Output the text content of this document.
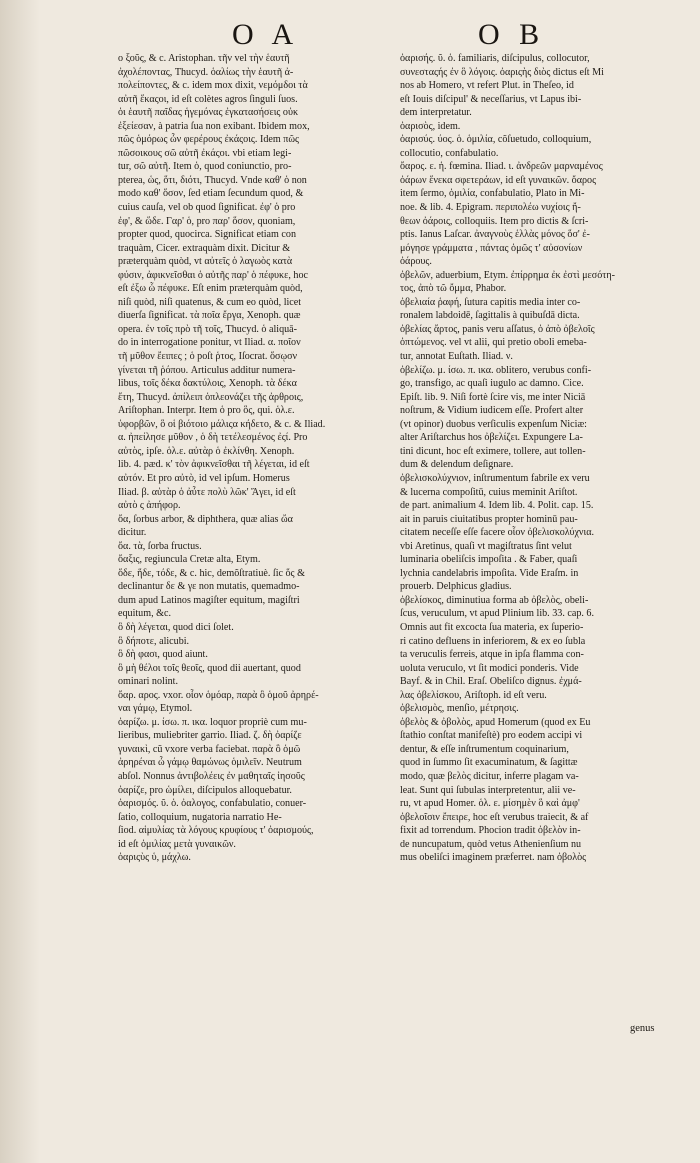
O A	O B
ο ξοῦς, & c. Aristophan. τῆν vel τὴν ἑαυτῆ
ἀχολέποντας, Thucyd. ὁαλίως τὴν ἑαυτῆ ἀ-
πολείποντες, & c. idem mox dixit, νεμόμδοι τὰ
αὐτῆ ἕκαςοι, id eſt colètes agros ſinguli ſuos.
ὁι ἑαυτῆ παῖδας ἡγεμόνας ἐγκατασήσεις οὐκ
ἐξείεσαν, à patria ſua non exibant. Ibidem mox,
πῶς ὁμόρως ὦν φερέρους ἐκάςοις. Idem πῶς
πῶσοικους σῶ αὐτῆ ἐκάςοι. vbi etiam legi-
tur, σῶ αὐτῆ. Item ὁ, quod coniunctio, pro-
pterea, ὡς, ὅτι, διότι, Thucyd. Vnde καθ' ὁ non
modo καθ' ὅσον, ſed etiam ſecundum quod, &
cuius cauſa, vel ob quod ſignificat. ἐφ' ὁ pro
ἐφ', & ὥδε. Γαρ' ὁ, pro παρ' ὅσον, quoniam,
propter quod, quocirca. Significat etiam con
traquàm, Cicer. extraquàm dixit. Dicitur &
præterquàm quòd, vt αὐτεῖς ὁ λαγωὸς κατὰ
φύσιν, ἀφικνεῖσθαι ὁ αὐτῆς παρ' ὁ πέφυκε, hoc
eſt ἐξω ὧ πέφυκε. Eſt enim præterquàm quòd,
niſi quòd, niſi quatenus, & cum eo quòd, licet
diuerſa ſignificat. τὰ ποῖα ἔργα, Xenoph. quæ
opera. ἐν τοῖς πρὸ τῆ τοῖς, Thucyd. ὁ aliquā-
do in interrogatione ponitur, vt Iliad. α. ποῖον
τῆ μῦθον ἔειπες ; ὁ poſt ῥτος, Iſocrat. ὅσῳσν
γίνεται τῆ ῥόπου. Articulus additur numera-
libus, τοῖς δέκα δακτύλοις, Xenoph. τὰ δέκα
ἔτη, Thucyd. ἀπίλειπ ὁπλεονάζει τῆς ἀρθροις,
Ariſtophan. Interpr. Item ὁ pro ὃς, qui. ὁλ.ε.
ὑφορβῶν, ὃ οἱ βιότοιο μάλιςα κήδετο, & c. & Iliad.
α. ἠπείλησε μῦθον , ὁ δὴ τετέλεσμένος ἐςί. Pro
αὐτὸς, ipſe. ὁλ.ε. αὐτὰρ ὁ ἐκλίνθη. Xenoph.
lib. 4. pæd. κ' τὸν ἀφικνεῖσθαι τῆ λέγεται, id eſt
αὐτόν. Et pro αὐτὸ, id vel ipſum. Homerus
Iliad. β. αὐτὰρ ὁ ἀὖτε πολὺ λῶκ' Ἄγει, id eſt
αὐτὸ ς ἀπήφορ.
ὄα, ſorbus arbor, & diphthera, quæ alias ὤα
dicitur.
ὄα. τὰ, ſorba fructus.
ὄαξις, regiuncula Cretæ alta, Etym.
ὅδε, ἥδε, τόδε, & c. hic, demõſtratiuè. ſic ὅς &
declinantur δε & γε non mutatis, quemadmo-
dum apud Latinos magiſter equitum, magiſtri
equitum, &c.
ὃ δὴ λέγεται, quod dici ſolet.
ὃ δήποτε, alicubi.
ὃ δὴ φασι, quod aiunt.
ὃ μὴ θέλοι τοῖς θεοῖς, quod dii auertant, quod
ominari nolint.
ὄαρ. αρος. vxor. οἷον ὁμόαρ, παρὰ ὃ ὁμοῦ ἀρηρέ-
ναι γάμῳ, Etymol.
ὀαρίζω. μ. ίσω. π. ικα. loquor propriè cum mu-
lieribus, muliebriter garrio. Iliad. ζ. δὴ ὀαρίζε
γυναικὶ, cũ vxore verba faciebat. παρὰ ὃ ὁμῶ
ἀρηρέναι ὦ γάμῳ θαμώνως ὁμιλεῖν. Neutrum
abſol. Nonnus ἀντιβολέεις ἐν μαθηταῖς ἰησοῦς
ὀαρίζε, pro ὡμίλει, diſcipulos alloquebatur.
ὀαρισμός. ῦ. ὁ. ὀαλογος, confabulatio, conuer-
ſatio, colloquium, nugatoria narratio He-
ſiod. αἱμυλίας τὰ λόγους κρυφίους τ' ὀαρισμούς,
id eſt ὁμιλίας μετὰ γυναικῶν.
ὀαριςὺς ὑ, μάχλω.
ὀαρισής. ῦ. ὁ. familiaris, diſcipulus, collocutor,
συνεσταςής ἐν ὃ λόγοις. ὀαριςὴς διὸς dictus eſt Mi
nos ab Homero, vt refert Plut. in Theſeo, id
eſt Iouis diſcipul' & neceſſarius, vt Lapus ibi-
dem interpretatur.
ὀαρισὸς, idem.
ὀαρισύς. ύος. ὁ. ὁμιλία, cõſuetudo, colloquium,
collocutio, confabulatio.
ὄαρος. ε. ἡ. fœmina. Iliad. ι. ἀνδρεῶν μαρναμένος
ὀάρων ἕνεκα σφετεράων, id eſt γυναικῶν. ὄαρος
item ſermo, ὁμιλία, confabulatio, Plato in Mi-
noe. & lib. 4. Epigram. περιπολέω νυχίοις ἤ-
θεων ὀάροις, colloquiis. Item pro dictis & ſcri-
ptis. Ianus Laſcar. ἀναγνοὺς ἑλλὰς μόνος ὅσ' ἐ-
μόγησε γράμματα , πάντας ὁμῶς τ' αὐσονίων
ὀάρους.
ὀβελῶν, aduerbium, Etym. ἐπίρρημα ἐκ ἐστὶ μεσότη-
τος, ἀπὸ τῶ ὄμμα, Phabor.
ὀβελιαία ῥαφή, ſutura capitis media inter co-
ronalem labdoidē, ſagittalis à quibuſdā dicta.
ὀβελίας ἄρτος, panis veru aſſatus, ὁ ἀπὸ ὀβελοῖς
ὀπτώμενος. vel vt alii, qui pretio oboli emeba-
tur, annotat Euſtath. Iliad. ν.
ὀβελίζω. μ. ίσω. π. ικα. oblitero, verubus confi-
go, transfigo, ac quaſi iugulo ac damno. Cice.
Epiſt. lib. 9. Niſi fortè ſcire vis, me inter Niciā
noſtrum, & Vidium iudicem eſſe. Profert alter
(vt opinor) duobus verſiculis expenſum Niciæ:
alter Ariſtarchus hos ὀβελίζει. Expungere La-
tini dicunt, hoc eſt eximere, tollere, aut tollen-
dum & delendum deſignare.
ὀβελισκολύχνιον, inſtrumentum fabrile ex veru
& lucerna compoſitū, cuius meminit Ariſtot.
de part. animalium 4. Idem lib. 4. Polit. cap. 15.
ait in paruis ciuitatibus propter hominū pau-
citatem neceſſe eſſe facere οἷον ὀβελισκολύχνια.
vbi Aretinus, quaſi vt magiſtratus ſint velut
luminaria obeliſcis impoſita . & Faber, quaſi
lychnia candelabris impoſita. Vide Eraſm. in
prouerb. Delphicus gladius.
ὀβελίσκος, diminutiua forma ab ὀβελὸς, obeli-
ſcus, veruculum, vt apud Plinium lib. 33. cap. 6.
Omnis aut fit excocta ſua materia, ex ſuperio-
ri catino defluens in inferiorem, & ex eo ſubla
ta veruculis ferreis, atque in ipſa flamma con-
uoluta veruculo, vt ſit modici ponderis. Vide
Bayf. & in Chil. Eraſ. Obeliſco dignus. ἐχμά-
λας ὀβελίσκου, Ariſtoph. id eſt veru.
ὀβελισμὸς, menſio, μέτρησις.
ὀβελὸς & ὀβολὸς, apud Homerum (quod ex Eu
ſtathio conſtat manifeſtè) pro eodem accipi vi
dentur, & eſſe inſtrumentum coquinarium,
quod in ſummo ſit exacuminatum, & ſagittæ
modo, quæ βελὸς dicitur, inferre plagam va-
leat. Sunt qui ſubulas interpretentur, alii ve-
ru, vt apud Homer. ὁλ. ε. μίσημὲν ὃ καὶ ἀμφ'
ὀβελοῖσιν ἔπειρε, hoc eſt verubus traiecit, & af
fixit ad torrendum. Phocion tradit ὀβελὸν in-
de nuncupatum, quòd vetus Athenienſium nu
mus obeliſci imaginem præferret. nam ὀβολὸς
genus
